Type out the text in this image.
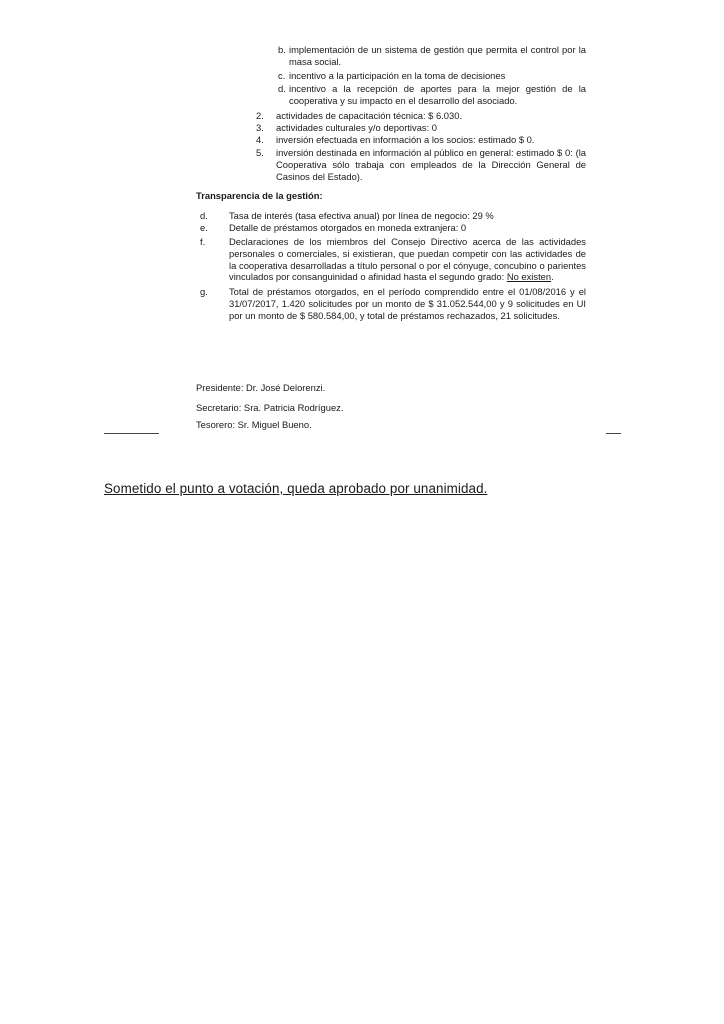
b. implementación de un sistema de gestión que permita el control por la masa social.
c. incentivo a la participación en la toma de decisiones
d. incentivo a la recepción de aportes para la mejor gestión de la cooperativa y su impacto en el desarrollo del asociado.
2.	actividades de capacitación técnica: $ 6.030.
3.	actividades culturales y/o deportivas: 0
4.	inversión efectuada en información a los socios: estimado $ 0.
5.	inversión destinada en información al público en general: estimado $ 0: (la Cooperativa sólo trabaja con empleados de la Dirección General de Casinos del Estado).
Transparencia de la gestión:
d.	Tasa de interés (tasa efectiva anual) por línea de negocio: 29 %
e.	Detalle de préstamos otorgados en moneda extranjera: 0
f.	Declaraciones de los miembros del Consejo Directivo acerca de las actividades personales o comerciales, si existieran, que puedan competir con las actividades de la cooperativa desarrolladas a título personal o por el cónyuge, concubino o parientes vinculados por consanguinidad o afinidad hasta el segundo grado: No existen.
g.	Total de préstamos otorgados, en el período comprendido entre el 01/08/2016 y el 31/07/2017, 1.420 solicitudes por un monto de $ 31.052.544,00 y 9 solicitudes en UI por un monto de $ 580.584,00, y total de préstamos rechazados, 21 solicitudes.
Presidente: Dr. José Delorenzi.
Secretario: Sra. Patricia Rodríguez.
Tesorero: Sr. Miguel Bueno.
Sometido el punto a votación, queda aprobado por unanimidad.
